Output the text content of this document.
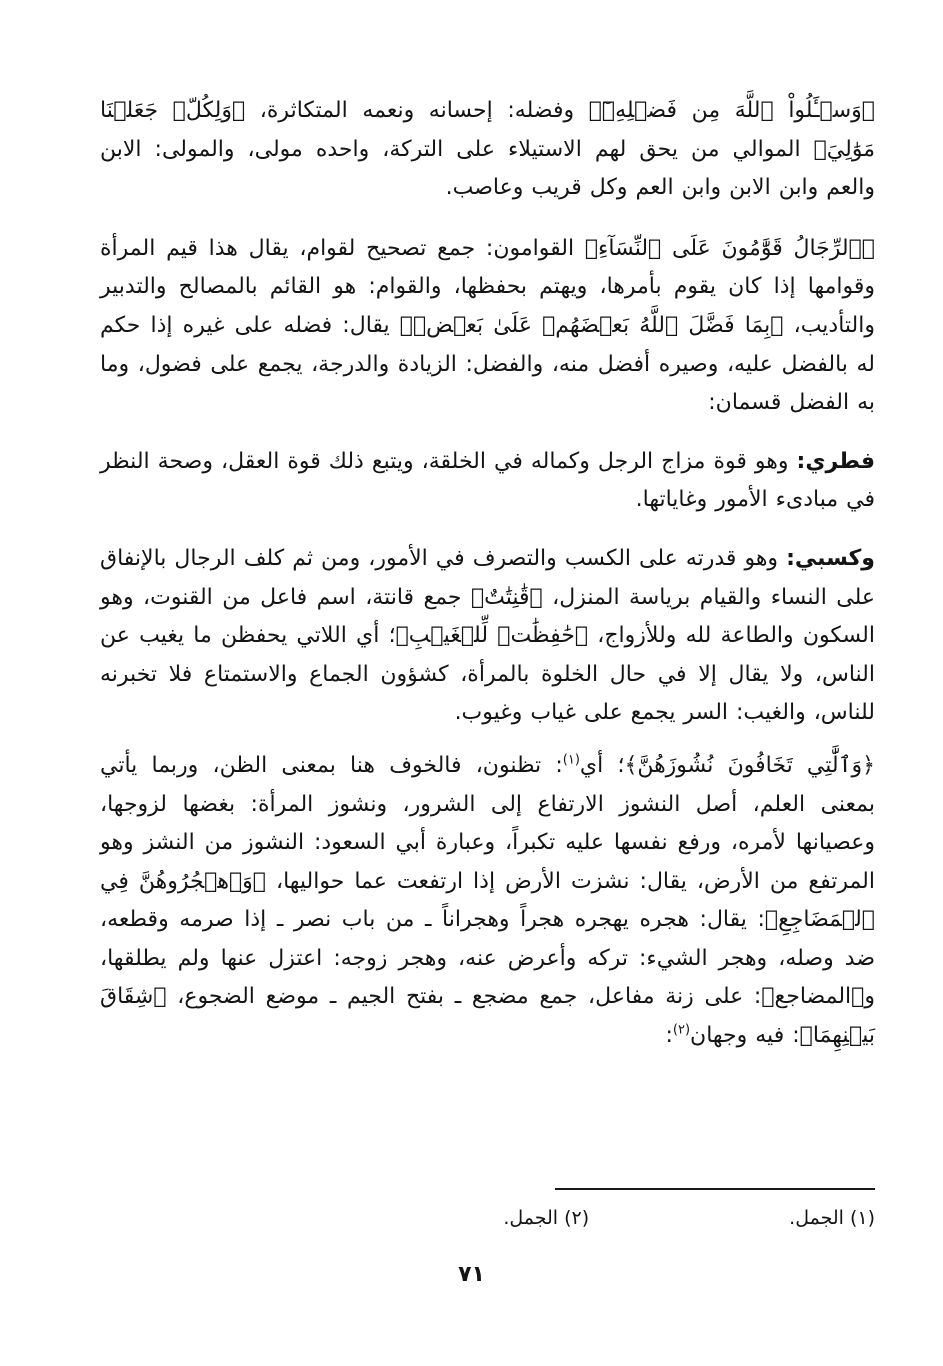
﴿وَسۡـَٔلُواْ ٱللَّهَ مِن فَضۡلِهِۦٓ﴾ وفضله: إحسانه ونعمه المتكاثرة، ﴿وَلِكُلّٖ جَعَلۡنَا مَوَٰلِيَ﴾ الموالي من يحق لهم الاستيلاء على التركة، واحده مولى، والمولى: الابن والعم وابن الابن وابن العم وكل قريب وعاصب.

﴿ٱلرِّجَالُ قَوَّٰمُونَ عَلَى ٱلنِّسَآءِ﴾ القوامون: جمع تصحيح لقوام، يقال هذا قيم المرأة وقوامها إذا كان يقوم بأمرها، ويهتم بحفظها، والقوام: هو القائم بالمصالح والتدبير والتأديب، ﴿بِمَا فَضَّلَ ٱللَّهُ بَعۡضَهُمۡ عَلَىٰ بَعۡضٖ﴾ يقال: فضله على غيره إذا حكم له بالفضل عليه، وصيره أفضل منه، والفضل: الزيادة والدرجة، يجمع على فضول، وما به الفضل قسمان:

فطري: وهو قوة مزاج الرجل وكماله في الخلقة، ويتبع ذلك قوة العقل، وصحة النظر في مبادىء الأمور وغاياتها.

وكسبي: وهو قدرته على الكسب والتصرف في الأمور، ومن ثم كلف الرجال بالإنفاق على النساء والقيام برياسة المنزل، ﴿قَٰنِتَٰتٌ﴾ جمع قانتة، اسم فاعل من القنوت، وهو السكون والطاعة لله وللأزواج، ﴿حَٰفِظَٰتٞ لِّلۡغَيۡبِ﴾؛ أي اللاتي يحفظن ما يغيب عن الناس، ولا يقال إلا في حال الخلوة بالمرأة، كشؤون الجماع والاستمتاع فلا تخبرنه للناس، والغيب: السر يجمع على غياب وغيوب.

﴿وَٱلَّٰتِي تَخَافُونَ نُشُوزَهُنَّ﴾؛ أي$^{(١)}$: تظنون، فالخوف هنا بمعنى الظن، وربما يأتي بمعنى العلم، أصل النشوز الارتفاع إلى الشرور، ونشوز المرأة: بغضها لزوجها، وعصيانها لأمره، ورفع نفسها عليه تكبراً، وعبارة أبي السعود: النشوز من النشز وهو المرتفع من الأرض، يقال: نشزت الأرض إذا ارتفعت عما حواليها، ﴿وَٱهۡجُرُوهُنَّ فِي ٱلۡمَضَاجِعِ﴾: يقال: هجره يهجره هجراً وهجراناً ـ من باب نصر ـ إذا صرمه وقطعه، ضد وصله، وهجر الشيء: تركه وأعرض عنه، وهجر زوجه: اعتزل عنها ولم يطلقها، و﴿المضاجع﴾: على زنة مفاعل، جمع مضجع ـ بفتح الجيم ـ موضع الضجوع، ﴿شِقَاقَ بَيۡنِهِمَا﴾: فيه وجهان$^{(٢)}$:

(١) الجمل.
(٢) الجمل.
٧١
